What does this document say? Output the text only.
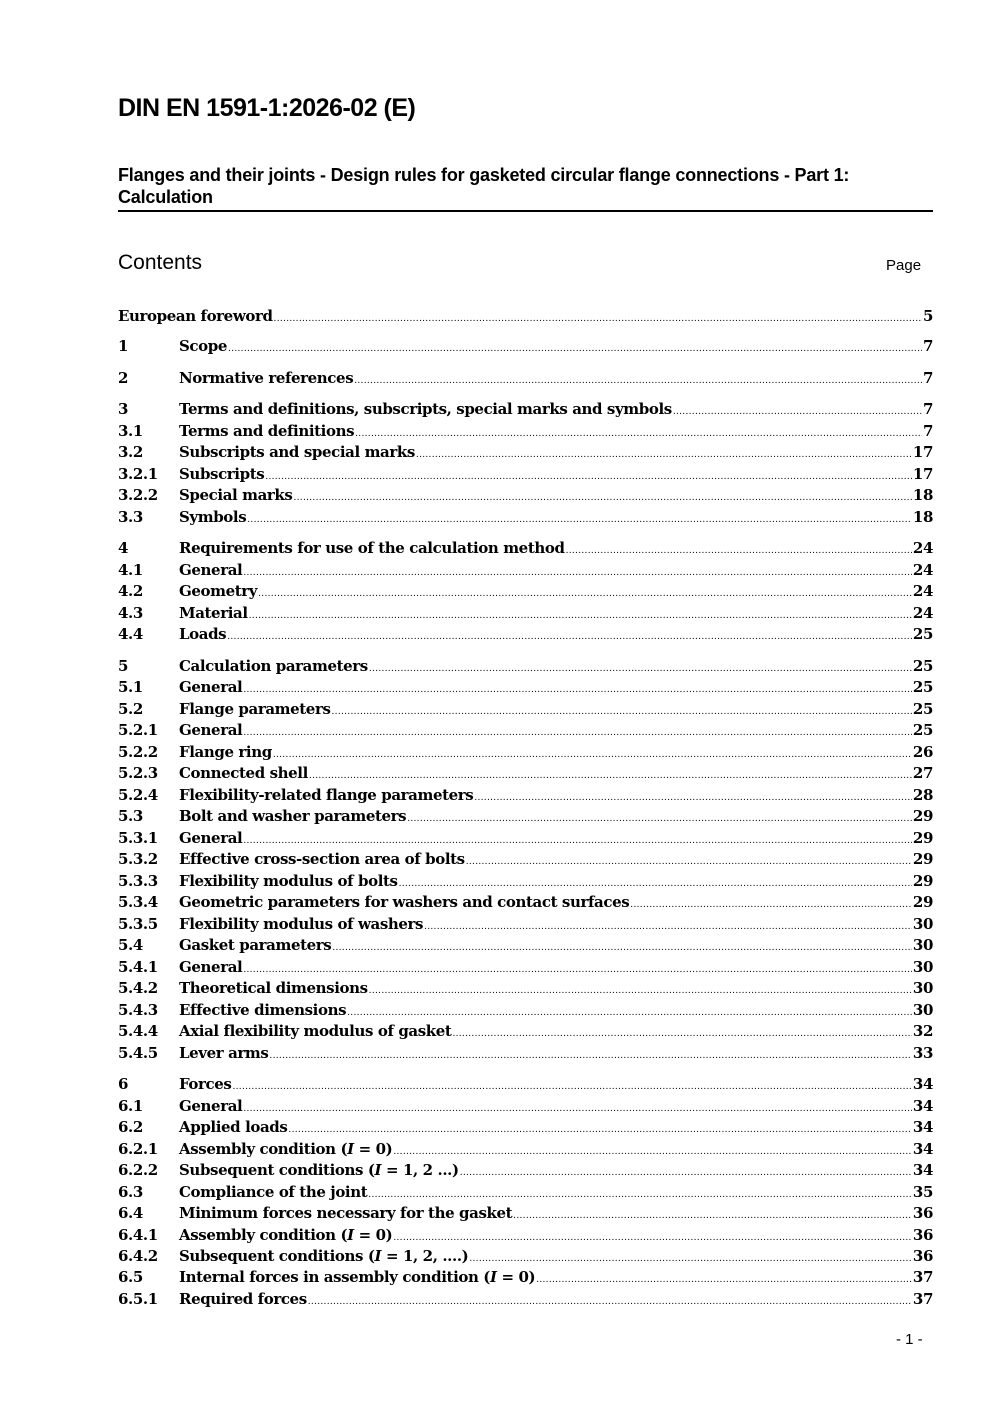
DIN EN 1591-1:2026-02 (E)
Flanges and their joints - Design rules for gasketed circular flange connections - Part 1: Calculation
Contents	Page
European foreword .....	5
1	Scope .....	7
2	Normative references .....	7
3	Terms and definitions, subscripts, special marks and symbols .....	7
3.1	Terms and definitions .....	7
3.2	Subscripts and special marks .....	17
3.2.1	Subscripts .....	17
3.2.2	Special marks .....	18
3.3	Symbols .....	18
4	Requirements for use of the calculation method .....	24
4.1	General .....	24
4.2	Geometry .....	24
4.3	Material .....	24
4.4	Loads .....	25
5	Calculation parameters .....	25
5.1	General .....	25
5.2	Flange parameters .....	25
5.2.1	General .....	25
5.2.2	Flange ring .....	26
5.2.3	Connected shell .....	27
5.2.4	Flexibility-related flange parameters .....	28
5.3	Bolt and washer parameters .....	29
5.3.1	General .....	29
5.3.2	Effective cross-section area of bolts .....	29
5.3.3	Flexibility modulus of bolts .....	29
5.3.4	Geometric parameters for washers and contact surfaces .....	29
5.3.5	Flexibility modulus of washers .....	30
5.4	Gasket parameters .....	30
5.4.1	General .....	30
5.4.2	Theoretical dimensions .....	30
5.4.3	Effective dimensions .....	30
5.4.4	Axial flexibility modulus of gasket .....	32
5.4.5	Lever arms .....	33
6	Forces .....	34
6.1	General .....	34
6.2	Applied loads .....	34
6.2.1	Assembly condition (I = 0) .....	34
6.2.2	Subsequent conditions (I = 1, 2 ...) .....	34
6.3	Compliance of the joint .....	35
6.4	Minimum forces necessary for the gasket .....	36
6.4.1	Assembly condition (I = 0) .....	36
6.4.2	Subsequent conditions (I = 1, 2, ....) .....	36
6.5	Internal forces in assembly condition (I = 0) .....	37
6.5.1	Required forces .....	37
- 1 -
